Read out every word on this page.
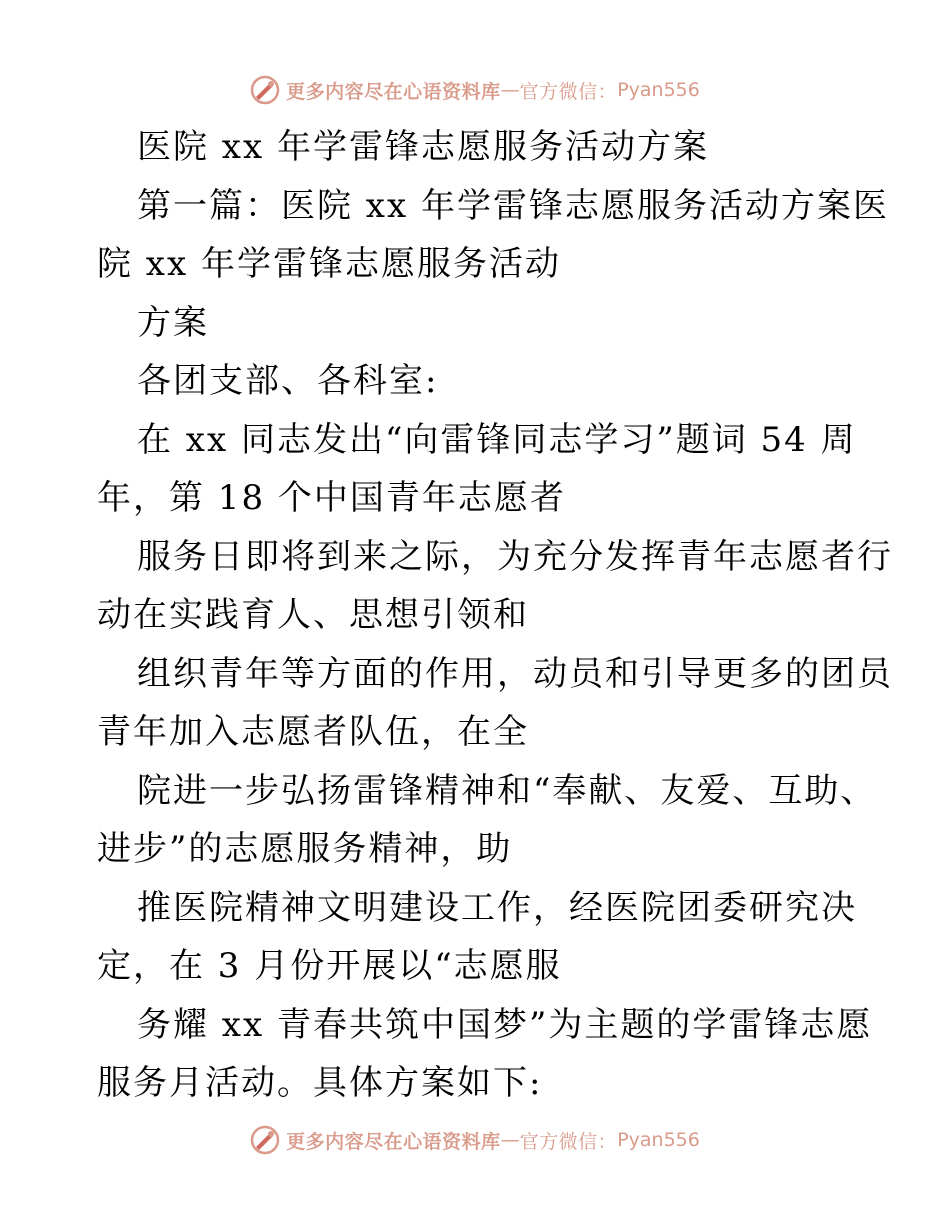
更多内容尽在心语资料库 — 官方微信： Pyan556
医院 xx 年学雷锋志愿服务活动方案
第一篇：医院 xx 年学雷锋志愿服务活动方案医
院 xx 年学雷锋志愿服务活动
方案
各团支部、各科室:
在 xx 同志发出“向雷锋同志学习”题词 54 周
年，第 18 个中国青年志愿者
服务日即将到来之际，为充分发挥青年志愿者行
动在实践育人、思想引领和
组织青年等方面的作用，动员和引导更多的团员
青年加入志愿者队伍，在全
院进一步弘扬雷锋精神和“奉献、友爱、互助、
进步”的志愿服务精神，助
推医院精神文明建设工作，经医院团委研究决
定，在 3 月份开展以“志愿服
务耀 xx 青春共筑中国梦”为主题的学雷锋志愿
服务月活动。具体方案如下:
更多内容尽在心语资料库 — 官方微信： Pyan556
